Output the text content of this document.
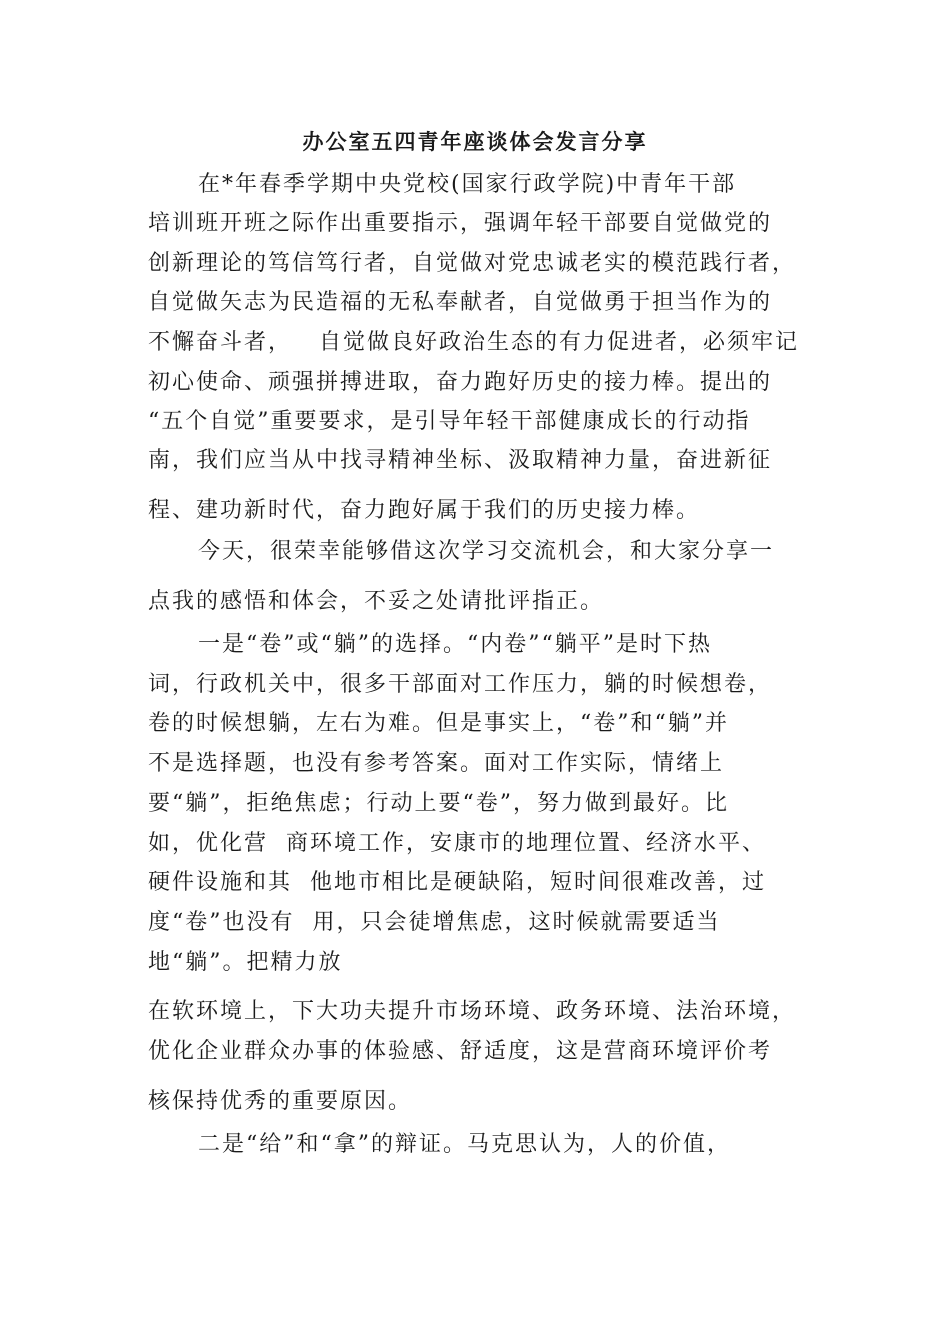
办公室五四青年座谈体会发言分享
在*年春季学期中央党校(国家行政学院)中青年干部
培训班开班之际作出重要指示，强调年轻干部要自觉做党的
创新理论的笃信笃行者，自觉做对党忠诚老实的模范践行者，
自觉做矢志为民造福的无私奉献者，自觉做勇于担当作为的
不懈奋斗者，   自觉做良好政治生态的有力促进者，必须牢记
初心使命、顽强拼搏进取，奋力跑好历史的接力棒。提出的
“五个自觉”重要要求，是引导年轻干部健康成长的行动指
南，我们应当从中找寻精神坐标、汲取精神力量，奋进新征
程、建功新时代，奋力跑好属于我们的历史接力棒。
今天，很荣幸能够借这次学习交流机会，和大家分享一
点我的感悟和体会，不妥之处请批评指正。
一是“卷”或“躺”的选择。“内卷”“躺平”是时下热
词，行政机关中，很多干部面对工作压力，躺的时候想卷，
卷的时候想躺，左右为难。但是事实上，“卷”和“躺”并
不是选择题，也没有参考答案。面对工作实际，情绪上
要“躺”，拒绝焦虑；行动上要“卷”，努力做到最好。比
如，优化营  商环境工作，安康市的地理位置、经济水平、
硬件设施和其  他地市相比是硬缺陷，短时间很难改善，过
度“卷”也没有  用，只会徒增焦虑，这时候就需要适当
地“躺”。把精力放
在软环境上，下大功夫提升市场环境、政务环境、法治环境，
优化企业群众办事的体验感、舒适度，这是营商环境评价考
核保持优秀的重要原因。
二是“给”和“拿”的辩证。马克思认为，人的价值，
